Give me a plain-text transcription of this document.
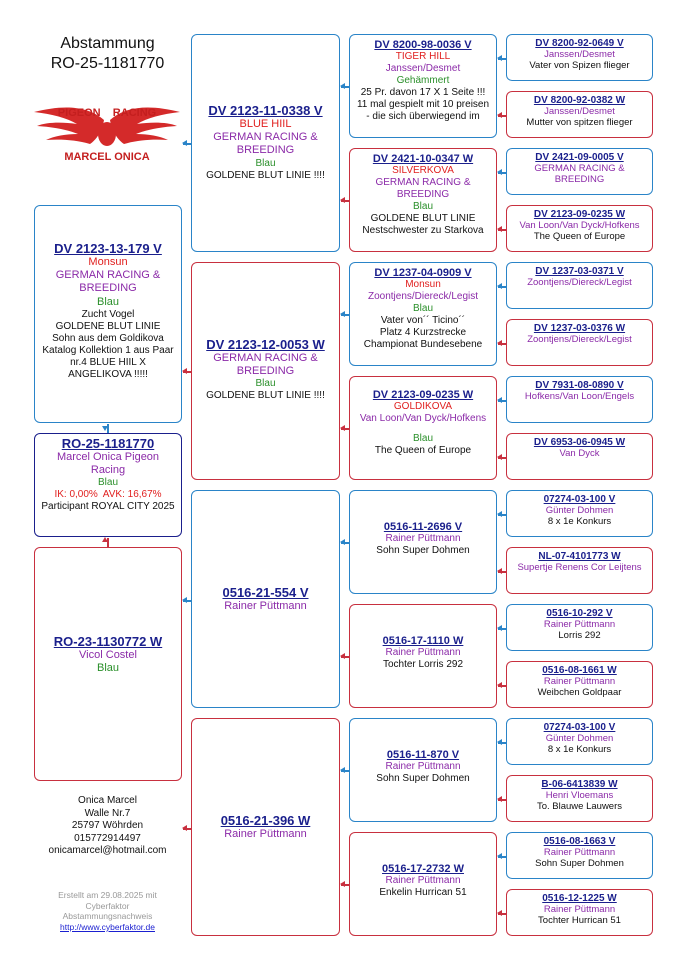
Abstammung
RO-25-1181770
PIGEON    RACING
MARCEL ONICA
DV 2123-13-179 V
Monsun
GERMAN RACING & BREEDING
Blau
Zucht Vogel
GOLDENE BLUT LINIE
Sohn aus dem Goldikova
Katalog Kollektion 1 aus Paar
nr.4 BLUE HIIL X
ANGELIKOVA !!!!!
RO-25-1181770
Marcel Onica Pigeon Racing
Blau
IK: 0,00%  AVK: 16,67%
Participant ROYAL CITY 2025
RO-23-1130772 W
Vicol Costel
Blau
Onica Marcel
Walle Nr.7
25797 Wöhrden
015772914497
onicamarcel@hotmail.com
Erstellt am 29.08.2025 mit
Cyberfaktor
Abstammungsnachweis
http://www.cyberfaktor.de
DV 2123-11-0338 V
BLUE HIIL
GERMAN RACING & BREEDING
Blau
GOLDENE BLUT LINIE !!!!
DV 2123-12-0053 W
GERMAN RACING & BREEDING
Blau
GOLDENE BLUT LINIE !!!!
0516-21-554 V
Rainer Püttmann
0516-21-396 W
Rainer Püttmann
DV 8200-98-0036 V
TIGER HILL
Janssen/Desmet
Gehämmert
25 Pr. davon 17 X 1 Seite !!!
11 mal gespielt mit 10 preisen
- die sich überwiegend im
DV 2421-10-0347 W
SILVERKOVA
GERMAN RACING & BREEDING
Blau
GOLDENE BLUT LINIE
Nestschwester zu Starkova
DV 1237-04-0909 V
Monsun
Zoontjens/Diereck/Legist
Blau
Vater von´´ Ticino´´
Platz 4 Kurzstrecke
Championat Bundesebene
DV 2123-09-0235 W
GOLDIKOVA
Van Loon/Van Dyck/Hofkens
Blau
The Queen of Europe
0516-11-2696 V
Rainer Püttmann
Sohn Super Dohmen
0516-17-1110 W
Rainer Püttmann
Tochter Lorris 292
0516-11-870 V
Rainer Püttmann
Sohn Super Dohmen
0516-17-2732 W
Rainer Püttmann
Enkelin Hurrican 51
DV 8200-92-0649 V
Janssen/Desmet
Vater von Spizen flieger
DV 8200-92-0382 W
Janssen/Desmet
Mutter von spitzen flieger
DV 2421-09-0005 V
GERMAN RACING & BREEDING
DV 2123-09-0235 W
Van Loon/Van Dyck/Hofkens
The Queen of Europe
DV 1237-03-0371 V
Zoontjens/Diereck/Legist
DV 1237-03-0376 W
Zoontjens/Diereck/Legist
DV 7931-08-0890 V
Hofkens/Van Loon/Engels
DV 6953-06-0945 W
Van Dyck
07274-03-100 V
Günter Dohmen
8 x 1e Konkurs
NL-07-4101773 W
Supertje Renens Cor Leijtens
0516-10-292 V
Rainer Püttmann
Lorris 292
0516-08-1661 W
Rainer Püttmann
Weibchen Goldpaar
07274-03-100 V
Günter Dohmen
8 x 1e Konkurs
B-06-6413839 W
Henri Vloemans
To. Blauwe Lauwers
0516-08-1663 V
Rainer Püttmann
Sohn Super Dohmen
0516-12-1225 W
Rainer Püttmann
Tochter Hurrican 51
